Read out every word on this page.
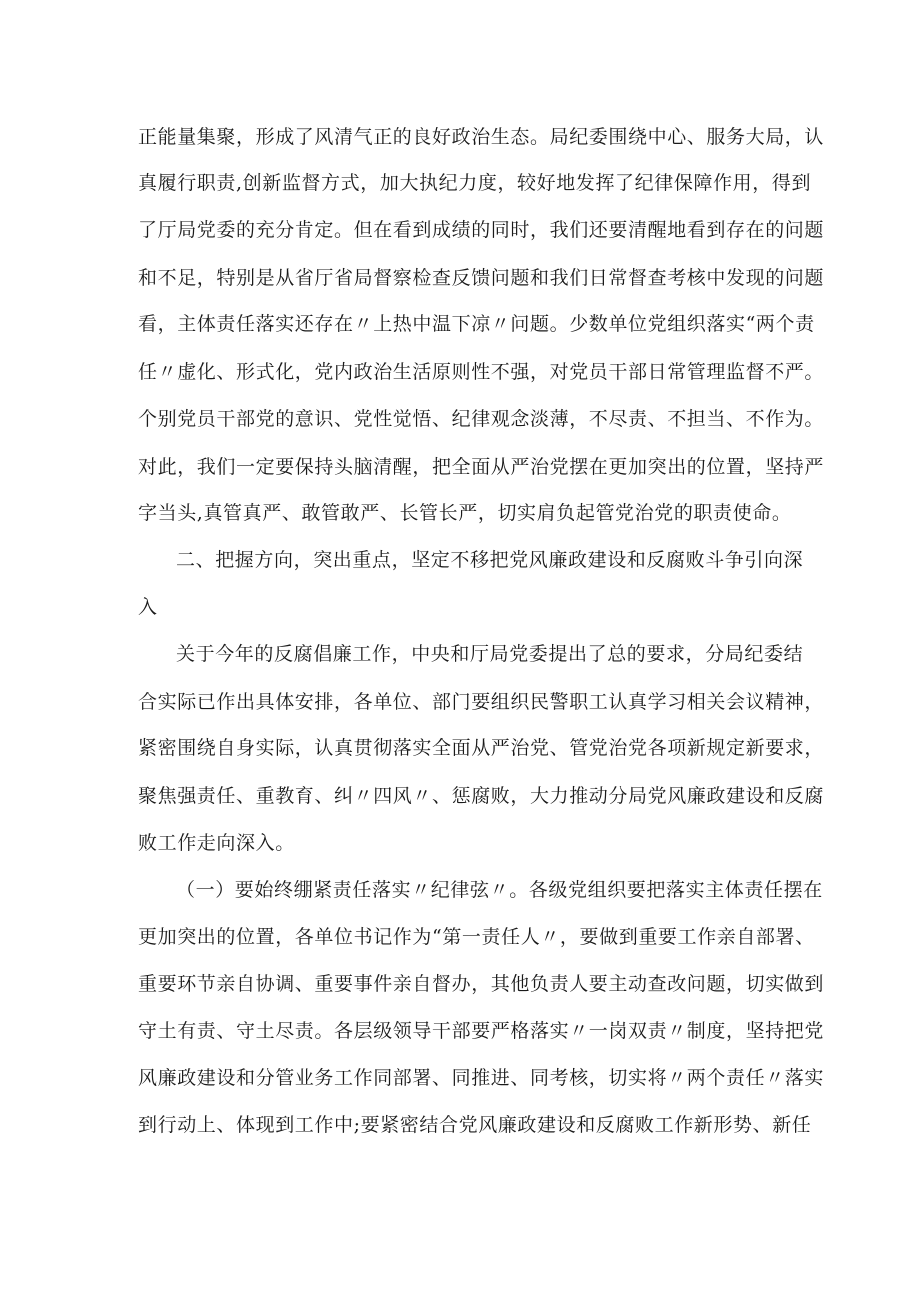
正能量集聚，形成了风清气正的良好政治生态。局纪委围绕中心、服务大局，认
真履行职责,创新监督方式，加大执纪力度，较好地发挥了纪律保障作用，得到
了厅局党委的充分肯定。但在看到成绩的同时，我们还要清醒地看到存在的问题
和不足，特别是从省厅省局督察检查反馈问题和我们日常督查考核中发现的问题
看，主体责任落实还存在〃上热中温下凉〃问题。少数单位党组织落实“两个责
任〃虚化、形式化，党内政治生活原则性不强，对党员干部日常管理监督不严。
个别党员干部党的意识、党性觉悟、纪律观念淡薄，不尽责、不担当、不作为。
对此，我们一定要保持头脑清醒，把全面从严治党摆在更加突出的位置，坚持严
字当头,真管真严、敢管敢严、长管长严，切实肩负起管党治党的职责使命。
二、把握方向，突出重点，坚定不移把党风廉政建设和反腐败斗争引向深
入
关于今年的反腐倡廉工作，中央和厅局党委提出了总的要求，分局纪委结
合实际已作出具体安排，各单位、部门要组织民警职工认真学习相关会议精神，
紧密围绕自身实际，认真贯彻落实全面从严治党、管党治党各项新规定新要求，
聚焦强责任、重教育、纠〃四风〃、惩腐败，大力推动分局党风廉政建设和反腐
败工作走向深入。
（一）要始终绷紧责任落实〃纪律弦〃。各级党组织要把落实主体责任摆在
更加突出的位置，各单位书记作为“第一责任人〃，要做到重要工作亲自部署、
重要环节亲自协调、重要事件亲自督办，其他负责人要主动查改问题，切实做到
守土有责、守土尽责。各层级领导干部要严格落实〃一岗双责〃制度，坚持把党
风廉政建设和分管业务工作同部署、同推进、同考核，切实将〃两个责任〃落实
到行动上、体现到工作中;要紧密结合党风廉政建设和反腐败工作新形势、新任
